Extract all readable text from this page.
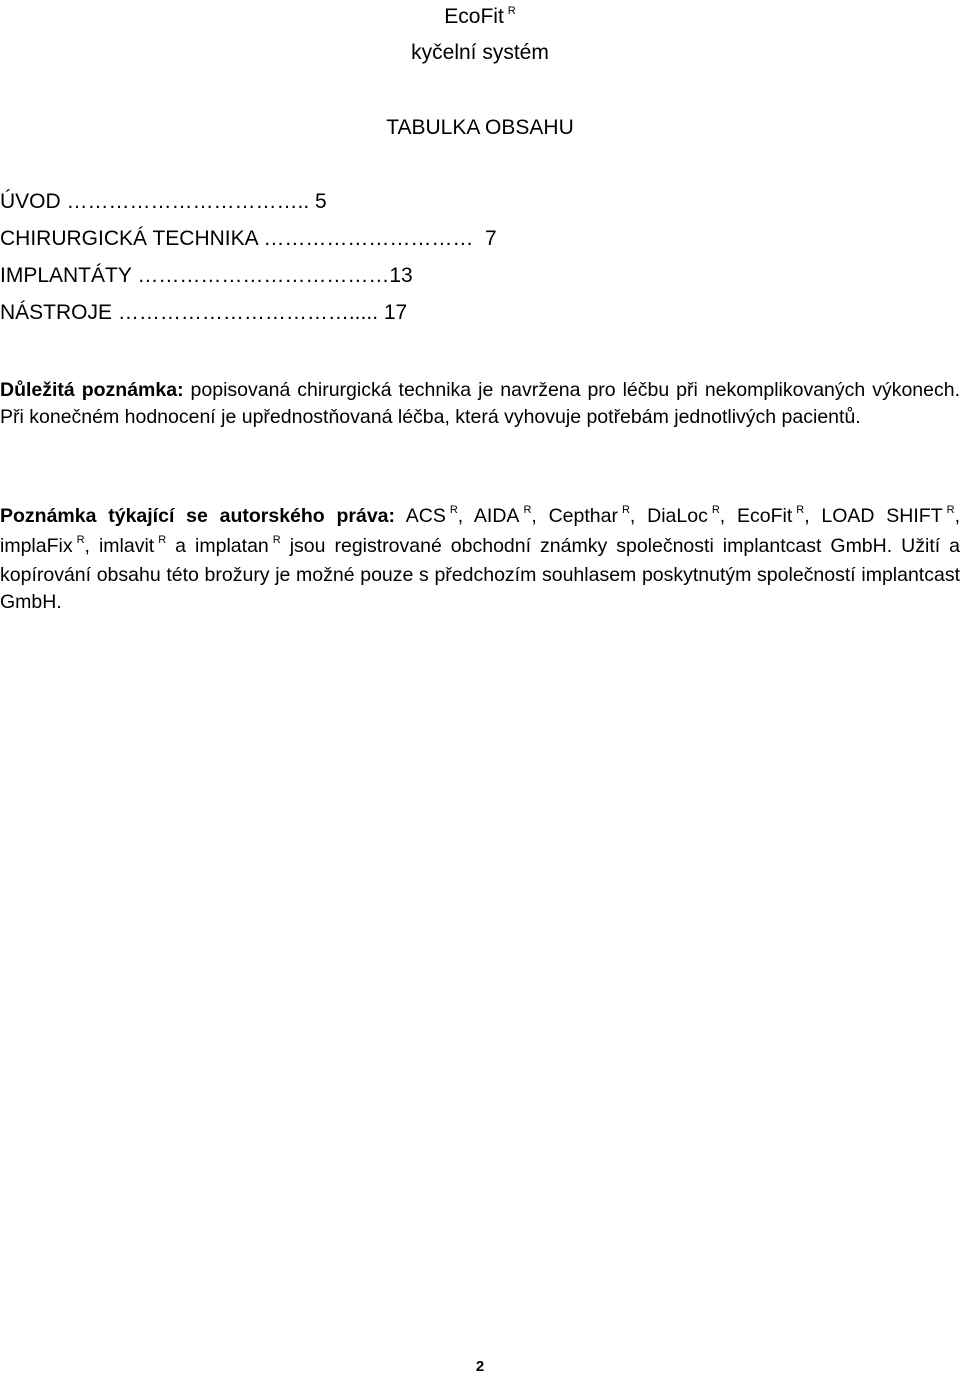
EcoFit $^R$
kyčelní systém
TABULKA OBSAHU
ÚVOD …………………………….. 5
CHIRURGICKÁ TECHNIKA …………………………  7
IMPLANTÁTY ………………………………13
NÁSTROJE ……………………………..... 17
Důležitá poznámka: popisovaná chirurgická technika je navržena pro léčbu při nekomplikovaných výkonech. Při konečném hodnocení je upřednostňovaná léčba, která vyhovuje potřebám jednotlivých pacientů.
Poznámka týkající se autorského práva: ACS $^R$, AIDA $^R$, Cepthar $^R$, DiaLoc $^R$, EcoFit $^R$, LOAD SHIFT $^R$, implaFix $^R$, imlavit $^R$ a implatan $^R$ jsou registrované obchodní známky společnosti implantcast GmbH. Užití a kopírování obsahu této brožury je možné pouze s předchozím souhlasem poskytnutým společností implantcast GmbH.
2
